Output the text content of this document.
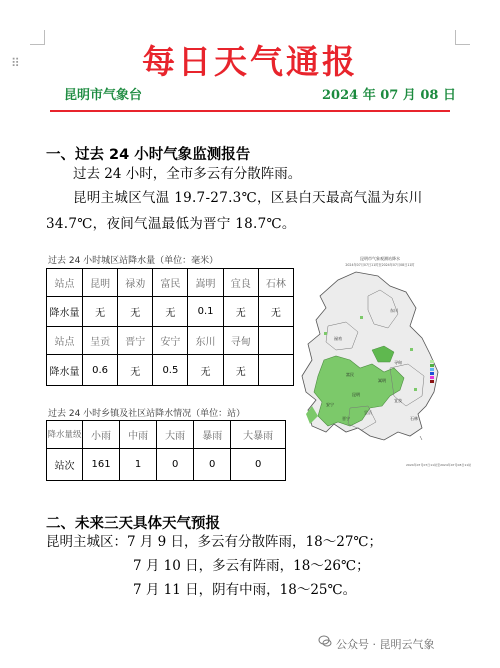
⠿	每日天气通报
昆明市气象台	2024 年 07 月 08 日
一、过去 24 小时气象监测报告
过去 24 小时，全市多云有分散阵雨。
昆明主城区气温 19.7-27.3℃，区县白天最高气温为东川 34.7℃，夜间气温最低为晋宁 18.7℃。
过去 24 小时城区站降水量（单位：毫米）
站点	昆明	禄劝	富民	嵩明	宜良	石林
降水量	无	无	无	0.1	无	无
站点	呈贡	晋宁	安宁	东川	寻甸	
降水量	0.6	无	0.5	无	无	
过去 24 小时乡镇及社区站降水情况（单位：站）
降水量级	小雨	中雨	大雨	暴雨	大暴雨
站次	161	1	0	0	0
昆明市气象观测站降水
2024年07月07日11时至2024年07月08日11时
东川
禄劝
寻甸
嵩明
富民
安宁
昆明
宜良
晋宁
呈贡
石林
2024年07月07日11时至2024年07月08日11时
二、未来三天具体天气预报
昆明主城区：7 月 9 日，多云有分散阵雨，18～27℃；
7 月 10 日，多云有阵雨，18～26℃；
7 月 11 日，阴有中雨，18～25℃。
公众号 · 昆明云气象
